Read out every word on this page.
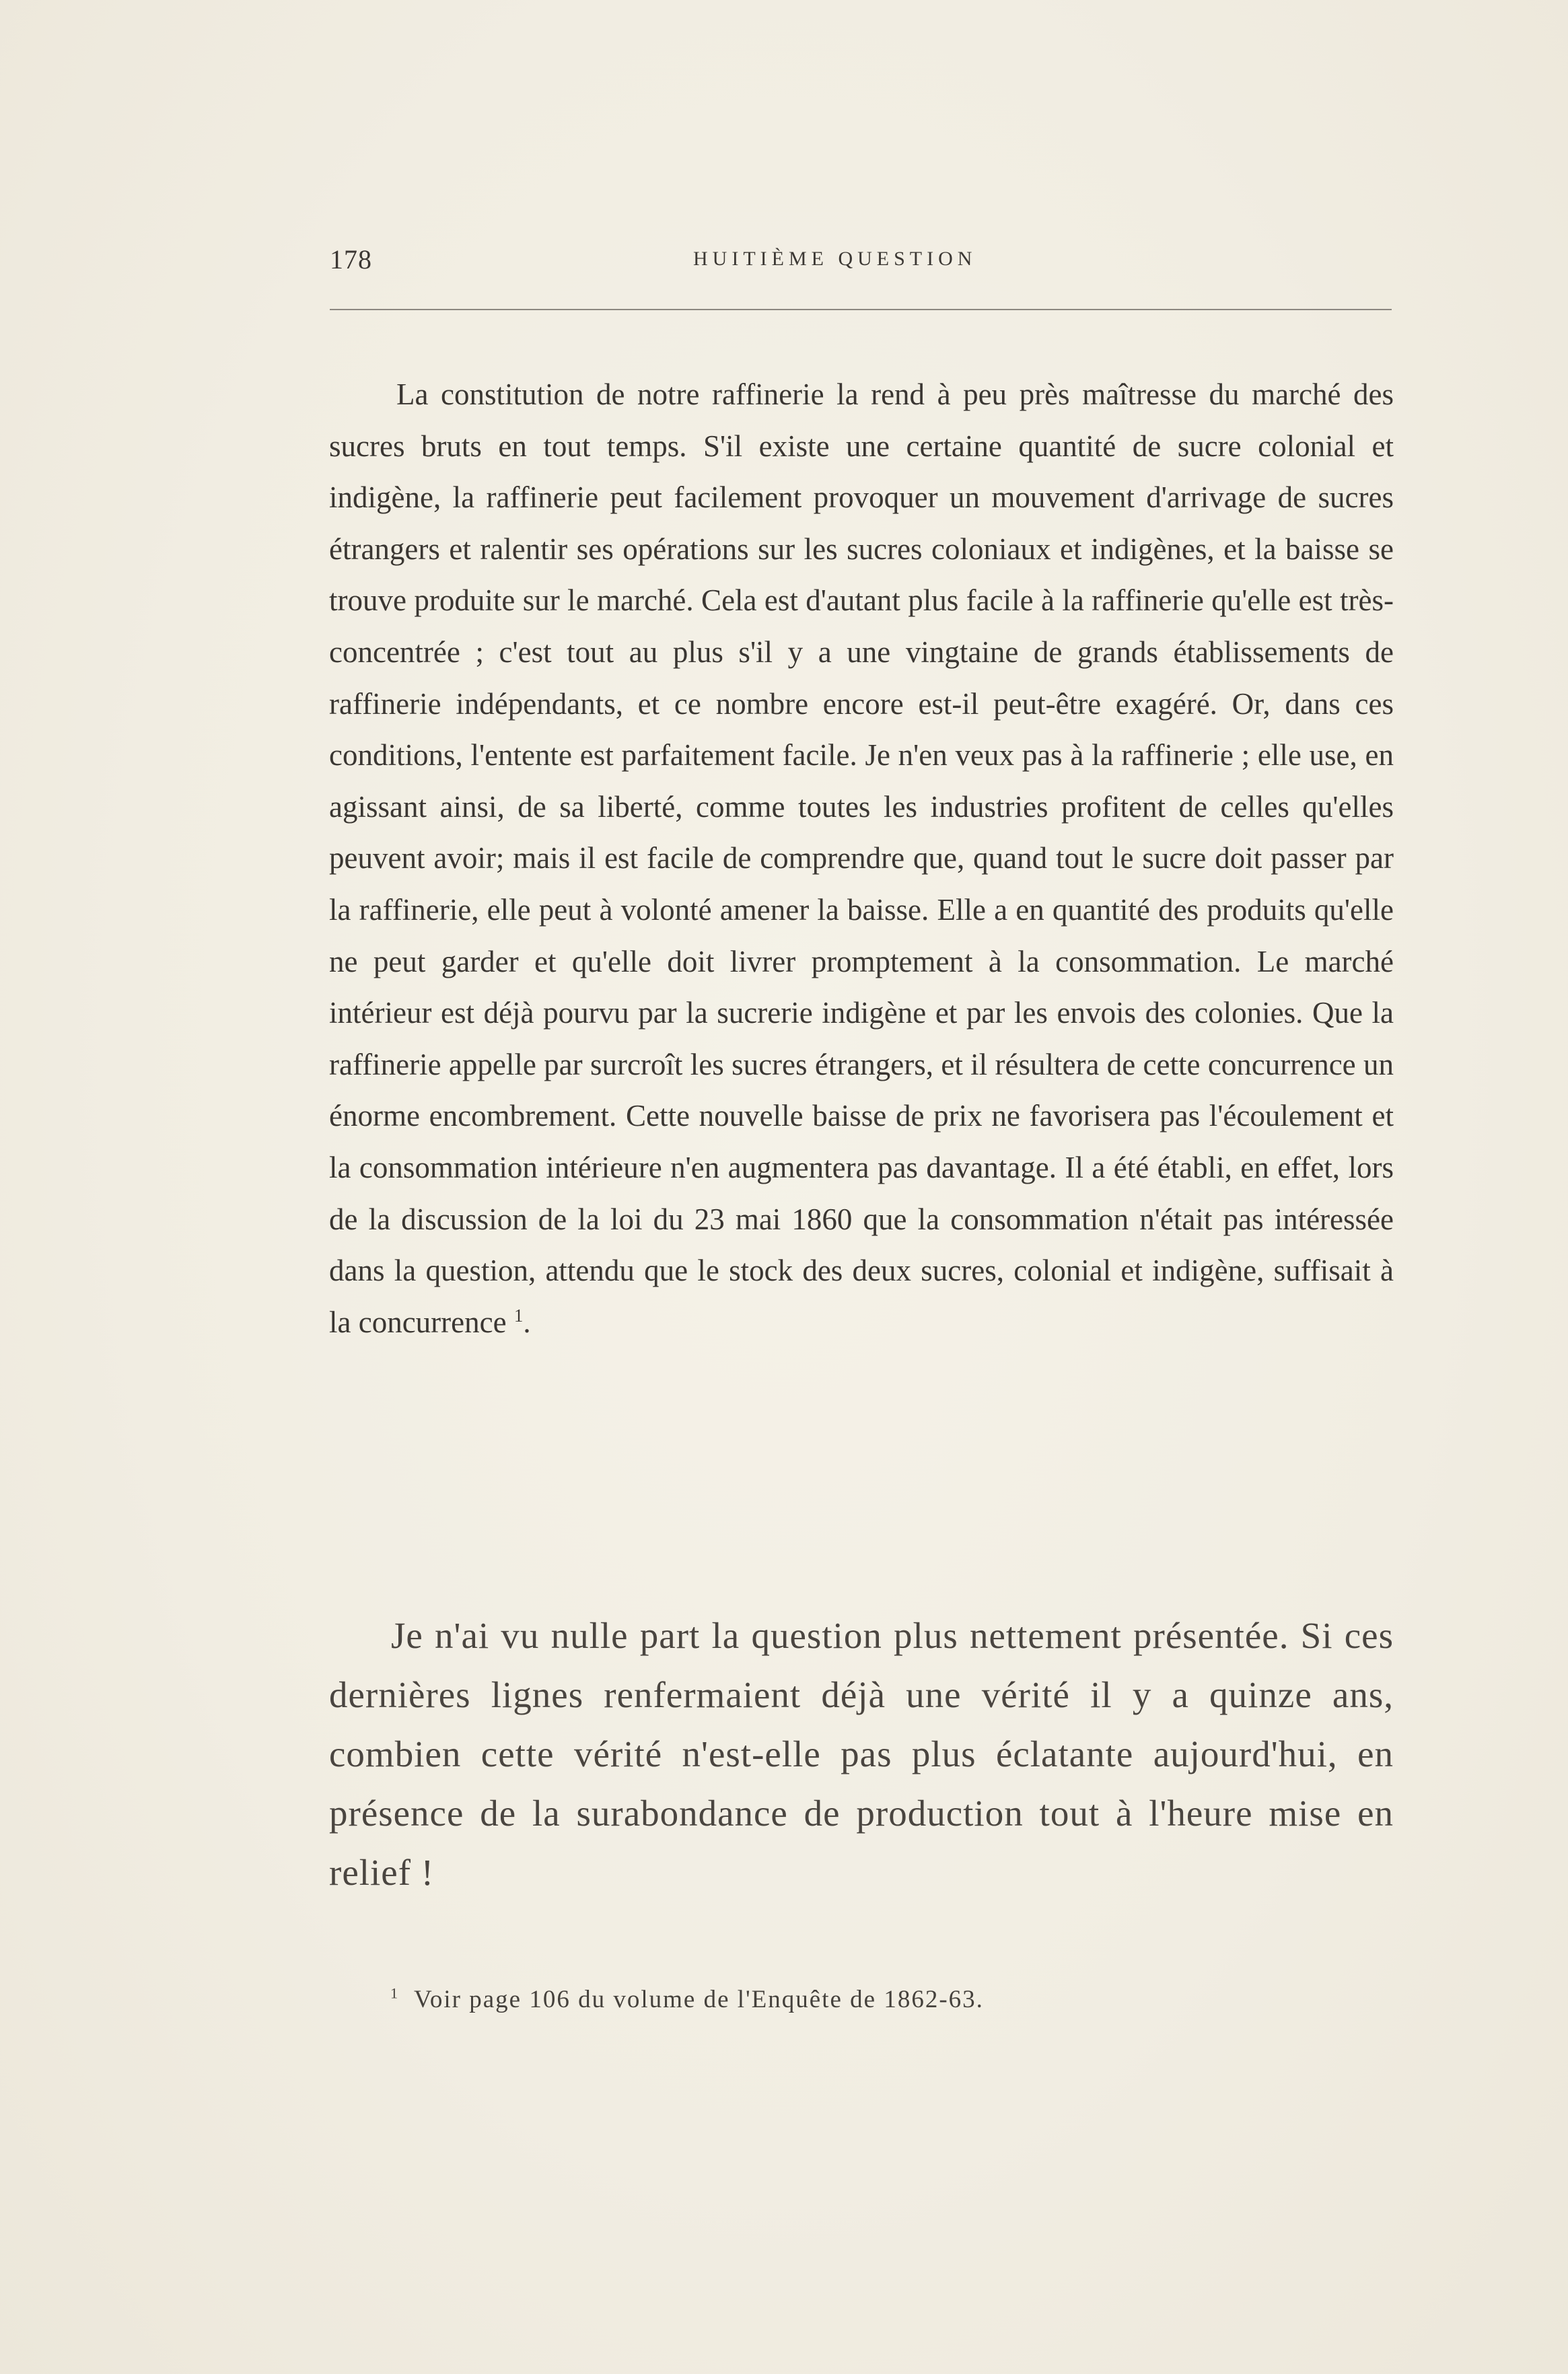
178	HUITIÈME QUESTION

La constitution de notre raffinerie la rend à peu près maîtresse du marché des sucres bruts en tout temps. S'il existe une certaine quantité de sucre colonial et indigène, la raffinerie peut facilement provoquer un mouvement d'arrivage de sucres étrangers et ralentir ses opérations sur les sucres coloniaux et indigènes, et la baisse se trouve produite sur le marché. Cela est d'autant plus facile à la raffinerie qu'elle est très-concentrée ; c'est tout au plus s'il y a une vingtaine de grands établissements de raffinerie indépendants, et ce nombre encore est-il peut-être exagéré. Or, dans ces conditions, l'entente est parfaitement facile. Je n'en veux pas à la raffinerie ; elle use, en agissant ainsi, de sa liberté, comme toutes les industries profitent de celles qu'elles peuvent avoir; mais il est facile de comprendre que, quand tout le sucre doit passer par la raffinerie, elle peut à volonté amener la baisse. Elle a en quantité des produits qu'elle ne peut garder et qu'elle doit livrer promptement à la consommation. Le marché intérieur est déjà pourvu par la sucrerie indigène et par les envois des colonies. Que la raffinerie appelle par surcroît les sucres étrangers, et il résultera de cette concurrence un énorme encombrement. Cette nouvelle baisse de prix ne favorisera pas l'écoulement et la consommation intérieure n'en augmentera pas davantage. Il a été établi, en effet, lors de la discussion de la loi du 23 mai 1860 que la consommation n'était pas intéressée dans la question, attendu que le stock des deux sucres, colonial et indigène, suffisait à la concurrence $^1$.

Je n'ai vu nulle part la question plus nettement présentée. Si ces dernières lignes renfermaient déjà une vérité il y a quinze ans, combien cette vérité n'est-elle pas plus éclatante aujourd'hui, en présence de la surabondance de production tout à l'heure mise en relief !

$^1$ Voir page 106 du volume de l'Enquête de 1862-63.
